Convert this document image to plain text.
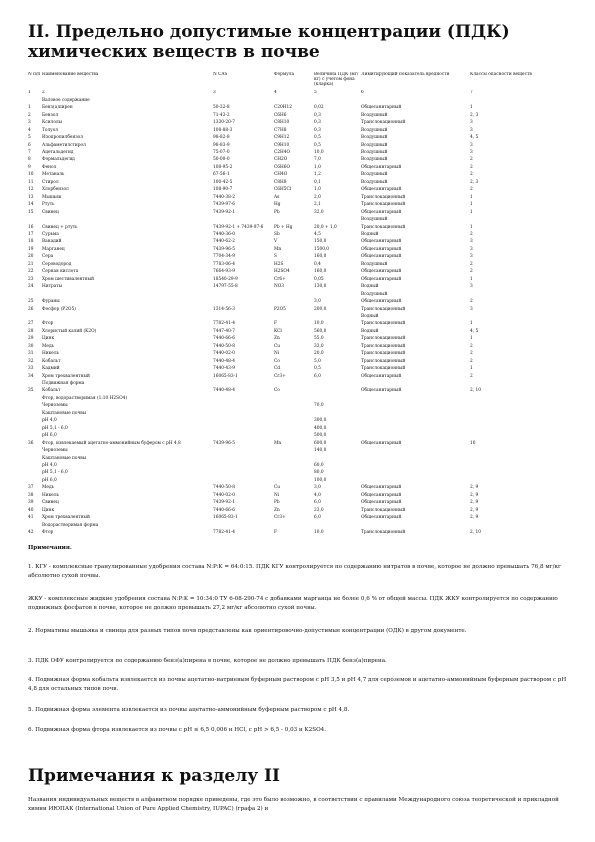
II. Предельно допустимые концентрации (ПДК) химических веществ в почве
N п/п	Наименование вещества	N CAS	Формула	Величина ПДК (мг/кг) с учетом фона (кларка)	Лимитирующий показатель вредности	Классы опасности веществ
1	2	3	4	5	6	7
	Валовое содержание					
1	Бенз(а)пирен	50-32-8	C20H12	0,02	Общесанитарный	1
2	Бензол	71-43-2	C6H6	0,3	Воздушный	2, 3
3	Ксилолы	1330-20-7	C8H10	0,3	Транслокационный	3
4	Толуол	108-88-3	C7H8	0,3	Воздушный	3
5	Изопропилбензол	98-82-8	C9H12	0,5	Воздушный	4, 5
6	Альфаметилстирол	98-83-9	C9H10	0,5	Воздушный	3
7	Ацетальдегид	75-07-0	C2H4O	10,0	Воздушный	3
8	Формальдегид	50-00-0	CH2O	7,0	Воздушный	2
9	Фенол	108-95-2	C6H6O	1,0	Общесанитарный	2
10	Метаналь	67-56-1	CH4O	1,2	Воздушный	2
11	Стирол	100-42-5	C8H8	0,1	Воздушный	2, 3
12	Хлорбензол	108-90-7	C6H5Cl	1,0	Общесанитарный	2
13	Мышьяк	7440-38-2	As	2,0	Транслокационный	1
14	Ртуть	7439-97-6	Hg	2,1	Транслокационный	1
15	Свинец	7439-92-1	Pb	32,0	Общесанитарный	1
					Воздушный	
16	Свинец + ртуть	7439-92-1 + 7439-97-6	Pb + Hg	20,0 + 1,0	Транслокационный	1
17	Сурьма	7440-36-0	Sb	4,5	Водный	2
18	Ванадий	7440-62-2	V	150,0	Общесанитарный	3
19	Марганец	7439-96-5	Mn	1500,0	Общесанитарный	3
20	Сера	7704-34-9	S	160,0	Общесанитарный	3
21	Сероводород	7783-06-4	H2S	0,4	Воздушный	2
22	Серная кислота	7664-93-9	H2SO4	160,0	Общесанитарный	2
23	Хром шестивалентный	18540-29-9	Cr6+	0,05	Общесанитарный	1
24	Нитраты	14797-55-8	NO3	130,0	Водный	3
					Воздушный	
25	Фураны			3,0	Общесанитарный	2
26	Фосфор (P2O5)	1314-56-3	P2O5	200,0	Транслокационный	3
					Водный	
27	Фтор	7782-41-4	F	10,0	Транслокационный	1
28	Хлористый калий (K2O)	7447-40-7	KCl	560,0	Водный	4, 5
29	Цинк	7440-66-6	Zn	55,0	Транслокационный	1
30	Медь	7440-50-8	Cu	33,0	Транслокационный	2
31	Никель	7440-02-0	Ni	20,0	Транслокационный	2
32	Кобальт	7440-48-4	Co	5,0	Транслокационный	2
33	Кадмий	7440-43-9	Cd	0,5	Транслокационный	1
34	Хром трехвалентный	16065-83-1	Cr3+	6,0	Общесанитарный	2
	Подвижная форма					
35	Кобальт	7440-48-4	Co		Общесанитарный	2, 10
	Фтор, водорастворимая (1:10 H2SO4)					
	Черноземы			70,0		
	Каштановые почвы					
	pH 4,0			300,0		
	pH 5,1 - 6,0			400,0		
	pH 6,0			500,0		
36	Фтор, извлекаемый ацетатно-аммонийным буфером с pH 4,8	7439-96-5	Mn	600,0	Общесанитарный	10
	Черноземы			140,0		
	Каштановые почвы					
	pH 4,0			60,0		
	pH 5,1 - 6,0			80,0		
	pH 6,0			100,0		
37	Медь	7440-50-8	Cu	3,0	Общесанитарный	2, 9
38	Никель	7440-02-0	Ni	4,0	Общесанитарный	2, 9
39	Свинец	7439-92-1	Pb	6,0	Общесанитарный	2, 9
40	Цинк	7440-66-6	Zn	23,0	Транслокационный	2, 9
41	Хром трехвалентный	16065-83-1	Cr3+	6,0	Общесанитарный	2, 9
	Водорастворимая форма					
42	Фтор	7782-41-4	F	10,0	Транслокационный	2, 10

Примечания.

1. КГУ - комплексные гранулированные удобрения состава N:P:K = 64:0:15. ПДК КГУ контролируется по содержанию нитратов в почве, которое не должно превышать 76,8 мг/кг абсолютно сухой почвы.

ЖКУ - комплексные жидкие удобрения состава N:P:K = 10:34:0 ТУ 6-08-290-74 с добавками марганца не более 0,6 % от общей массы. ПДК ЖКУ контролируется по содержанию подвижных фосфатов в почве, которое не должно превышать 27,2 мг/кг абсолютно сухой почвы.

2. Нормативы мышьяка и свинца для разных типов почв представлены как ориентировочно-допустимые концентрации (ОДК) в другом документе.

3. ПДК ОФУ контролируется по содержанию бенз(а)пирена в почве, которое не должно превышать ПДК бенз(а)пирена.

4. Подвижная форма кобальта извлекается из почвы ацетатно-натриевым буферным раствором с pH 3,5 и pH 4,7 для сероземов и ацетатно-аммонийным буферным раствором с pH 4,8 для остальных типов почв.

5. Подвижная форма элемента извлекается из почвы ацетатно-аммонийным буферным раствором с pH 4,8.

6. Подвижная форма фтора извлекается из почвы с pH ≤ 6,5 0,006 н HCl, с pH > 6,5 - 0,03 н K2SO4.

Примечания к разделу II

Названия индивидуальных веществ в алфавитном порядке приведены, где это было возможно, в соответствии с правилами Международного союза теоретической и прикладной химии ИЮПАК (International Union of Pure Applied Chemistry, IUPAC) (графа 2) и
